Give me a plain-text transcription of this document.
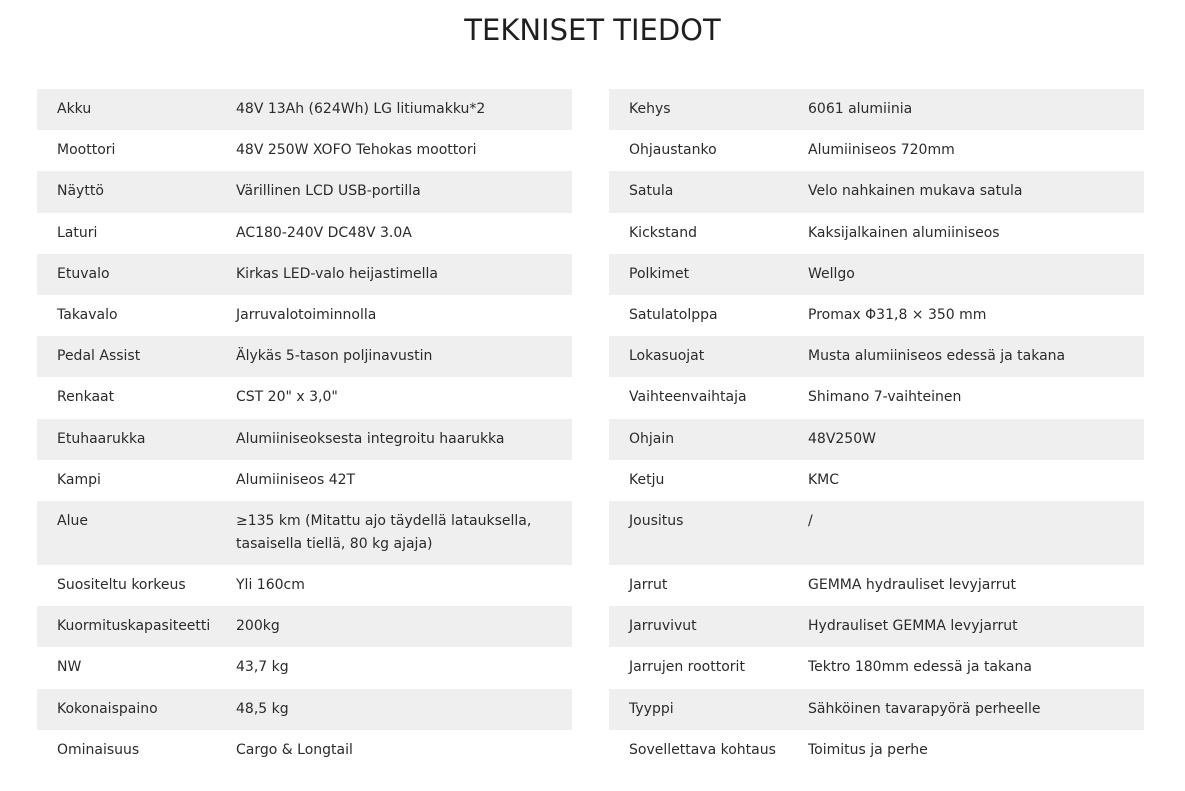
TEKNISET TIEDOT
Akku	48V 13Ah (624Wh) LG litiumakku*2
Moottori	48V 250W XOFO Tehokas moottori
Näyttö	Värillinen LCD USB-portilla
Laturi	AC180-240V DC48V 3.0A
Etuvalo	Kirkas LED-valo heijastimella
Takavalo	Jarruvalotoiminnolla
Pedal Assist	Älykäs 5-tason poljinavustin
Renkaat	CST 20" x 3,0"
Etuhaarukka	Alumiiniseoksesta integroitu haarukka
Kampi	Alumiiniseos 42T
Alue	≥135 km (Mitattu ajo täydellä latauksella,
tasaisella tiellä, 80 kg ajaja)
Suositeltu korkeus	Yli 160cm
Kuormituskapasiteetti	200kg
NW	43,7 kg
Kokonaispaino	48,5 kg
Ominaisuus	Cargo & Longtail
Kehys	6061 alumiinia
Ohjaustanko	Alumiiniseos 720mm
Satula	Velo nahkainen mukava satula
Kickstand	Kaksijalkainen alumiiniseos
Polkimet	Wellgo
Satulatolppa	Promax Φ31,8 × 350 mm
Lokasuojat	Musta alumiiniseos edessä ja takana
Vaihteenvaihtaja	Shimano 7-vaihteinen
Ohjain	48V250W
Ketju	KMC
Jousitus	/
Jarrut	GEMMA hydrauliset levyjarrut
Jarruvivut	Hydrauliset GEMMA levyjarrut
Jarrujen roottorit	Tektro 180mm edessä ja takana
Tyyppi	Sähköinen tavarapyörä perheelle
Sovellettava kohtaus	Toimitus ja perhe
